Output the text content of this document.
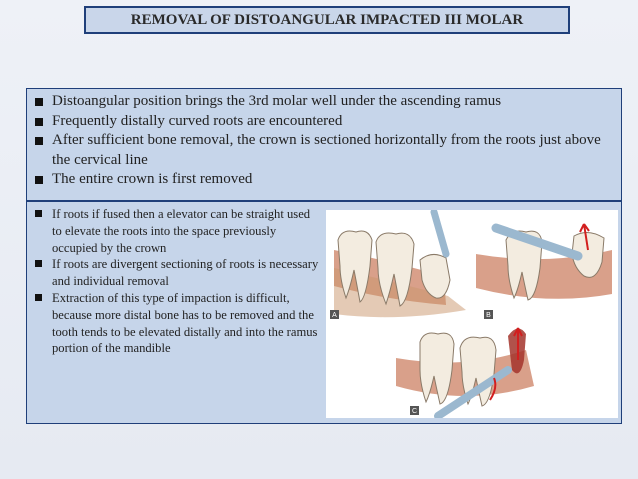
REMOVAL OF DISTOANGULAR IMPACTED III MOLAR
Distoangular position brings the 3rd molar well under the ascending ramus
Frequently distally curved roots are encountered
After sufficient bone removal, the crown is sectioned horizontally from the roots just above the cervical line
The entire crown is first removed
If roots if fused then a elevator can be straight used to elevate the roots into the space previously occupied by the crown
If roots are divergent sectioning of roots is necessary and individual removal
Extraction of this type of impaction is difficult, because more distal bone has to be removed and the tooth tends to be elevated distally and into the ramus portion of the mandible
A	B
C
